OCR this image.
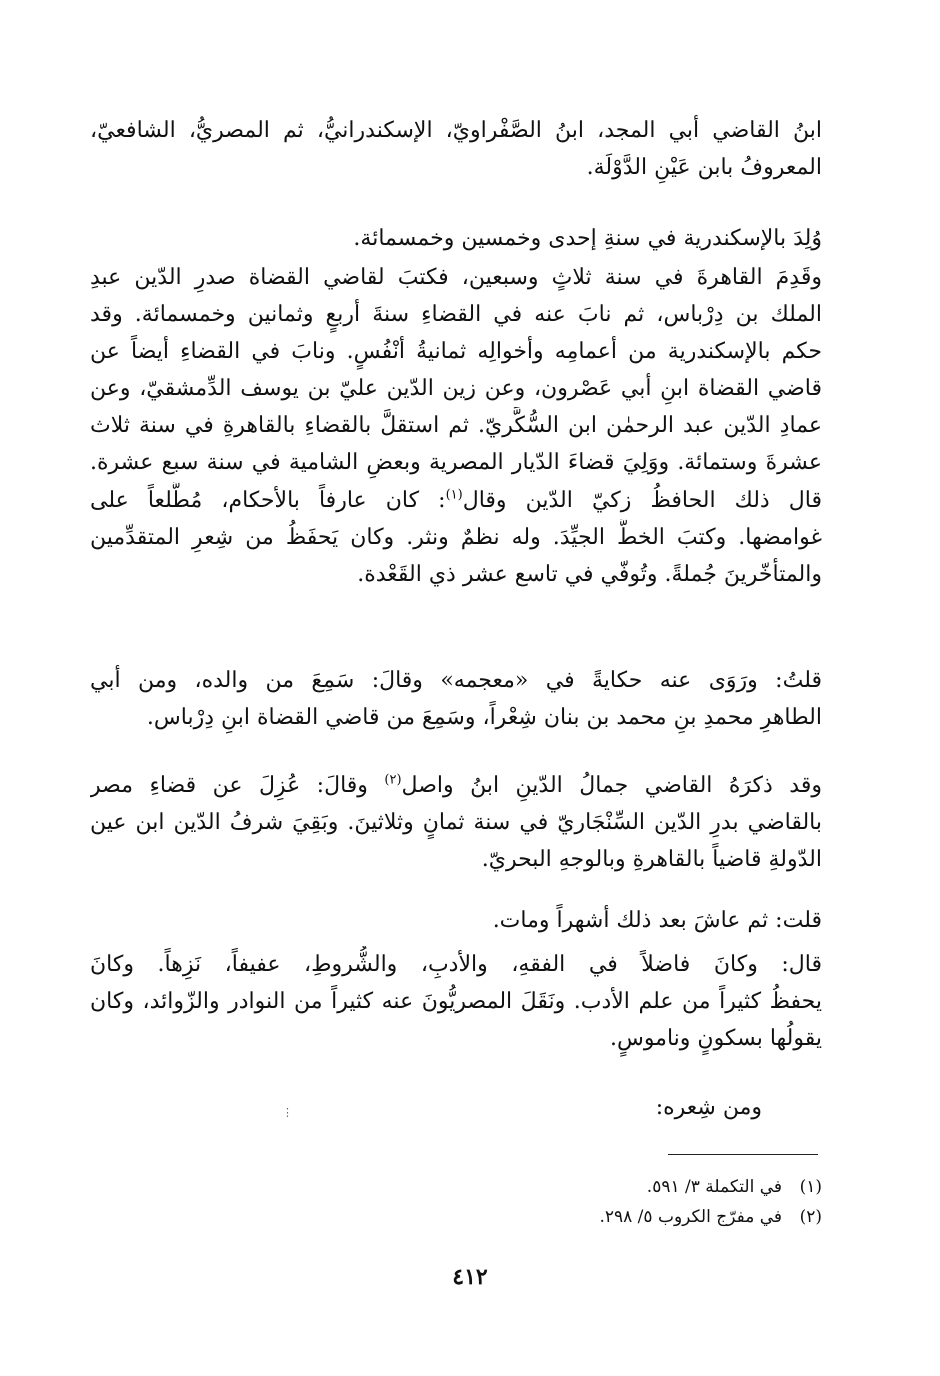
ابنُ القاضي أبي المجد، ابنُ الصَّفْراويّ، الإسكندرانيُّ، ثم المصريُّ، الشافعيّ،
المعروفُ بابن عَيْنِ الدَّوْلَة.
وُلِدَ بالإسكندرية في سنةِ إحدى وخمسين وخمسمائة.
وقَدِمَ القاهرةَ في سنة ثلاثٍ وسبعين، فكتبَ لقاضي القضاة صدرِ الدّين عبدِ
الملك بن دِرْباس، ثم نابَ عنه في القضاءِ سنةَ أربعٍ وثمانين وخمسمائة. وقد
حكم بالإسكندرية من أعمامِه وأخوالِه ثمانيةُ أنْفُسٍ. ونابَ في القضاءِ أيضاً عن
قاضي القضاة ابنِ أبي عَصْرون، وعن زين الدّين عليّ بن يوسف الدِّمشقيّ، وعن
عمادِ الدّين عبد الرحمٰن ابن السُّكَّريّ. ثم استقلَّ بالقضاءِ بالقاهرةِ في سنة ثلاث
عشرةَ وستمائة. ووَلِيَ قضاءَ الدّيار المصرية وبعضِ الشامية في سنة سبع عشرة.
قال ذلك الحافظُ زكيّ الدّين وقال$^{(١)}$: كان عارفاً بالأحكام، مُطَّلعاً على
غوامضها. وكتبَ الخطَّ الجيِّدَ. وله نظمٌ ونثر. وكان يَحفَظُ من شِعرِ المتقدِّمين
والمتأخّرينَ جُملةً. وتُوفّي في تاسع عشر ذي القَعْدة.
قلتُ: ورَوَى عنه حكايةً في «معجمه» وقالَ: سَمِعَ من والده، ومن أبي
الطاهرِ محمدِ بنِ محمد بن بنان شِعْراً، وسَمِعَ من قاضي القضاة ابنِ دِرْباس.
وقد ذكرَهُ القاضي جمالُ الدّينِ ابنُ واصل$^{(٢)}$ وقالَ: عُزِلَ عن قضاءِ مصر
بالقاضي بدرِ الدّين السِّنْجَاريّ في سنة ثمانٍ وثلاثينَ. وبَقِيَ شرفُ الدّين ابن عين
الدّولةِ قاضياً بالقاهرةِ وبالوجهِ البحريّ.
قلت: ثم عاشَ بعد ذلك أشهراً ومات.
قال: وكانَ فاضلاً في الفقهِ، والأدبِ، والشُّروطِ، عفيفاً، نَزِهاً. وكانَ
يحفظُ كثيراً من علم الأدب. ونَقَلَ المصريُّونَ عنه كثيراً من النوادر والزّوائد، وكان
يقولُها بسكونٍ وناموسٍ.
ومن شِعره:
⋮
(١)في التكملة ٣/ ٥٩١.
(٢)في مفرّج الكروب ٥/ ٢٩٨.
٤١٢
